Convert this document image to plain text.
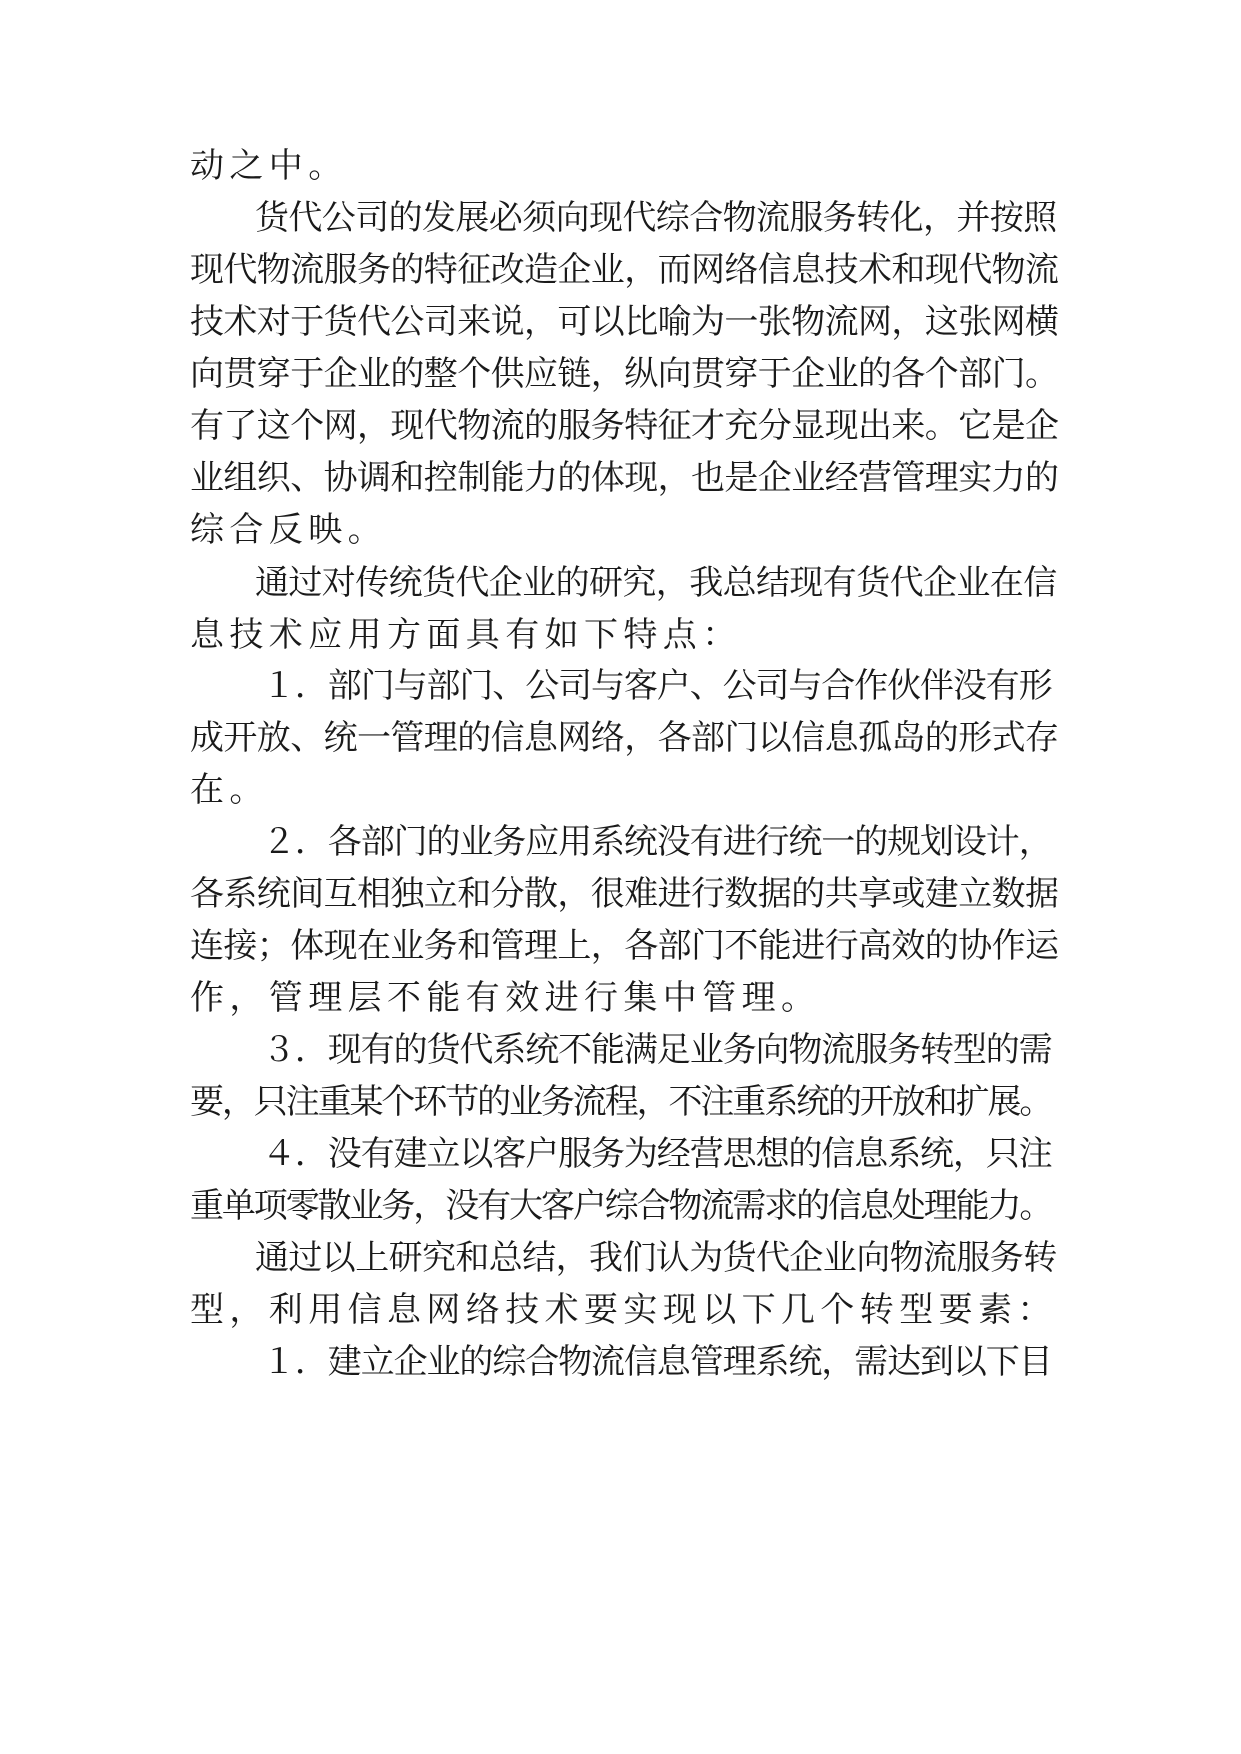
动之中。
货代公司的发展必须向现代综合物流服务转化，并按照
现代物流服务的特征改造企业，而网络信息技术和现代物流
技术对于货代公司来说，可以比喻为一张物流网，这张网横
向贯穿于企业的整个供应链，纵向贯穿于企业的各个部门。
有了这个网，现代物流的服务特征才充分显现出来。它是企
业组织、协调和控制能力的体现，也是企业经营管理实力的
综合反映。
通过对传统货代企业的研究，我总结现有货代企业在信
息技术应用方面具有如下特点：
１．部门与部门、公司与客户、公司与合作伙伴没有形
成开放、统一管理的信息网络，各部门以信息孤岛的形式存
在。
２．各部门的业务应用系统没有进行统一的规划设计，
各系统间互相独立和分散，很难进行数据的共享或建立数据
连接；体现在业务和管理上，各部门不能进行高效的协作运
作，管理层不能有效进行集中管理。
３．现有的货代系统不能满足业务向物流服务转型的需
要，只注重某个环节的业务流程，不注重系统的开放和扩展。
４．没有建立以客户服务为经营思想的信息系统，只注
重单项零散业务，没有大客户综合物流需求的信息处理能力。
通过以上研究和总结，我们认为货代企业向物流服务转
型，利用信息网络技术要实现以下几个转型要素：
１．建立企业的综合物流信息管理系统，需达到以下目
